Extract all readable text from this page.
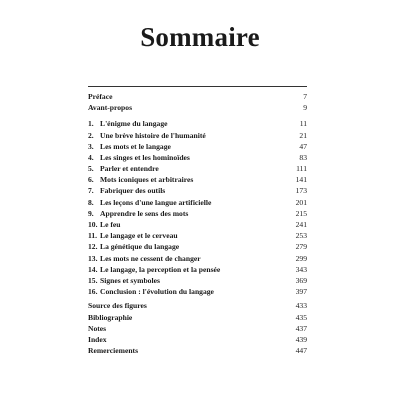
Sommaire
Préface	7
Avant-propos	9
1. L'énigme du langage	11
2. Une brève histoire de l'humanité	21
3. Les mots et le langage	47
4. Les singes et les hominoïdes	83
5. Parler et entendre	111
6. Mots iconiques et arbitraires	141
7. Fabriquer des outils	173
8. Les leçons d'une langue artificielle	201
9. Apprendre le sens des mots	215
10. Le feu	241
11. Le langage et le cerveau	253
12. La génétique du langage	279
13. Les mots ne cessent de changer	299
14. Le langage, la perception et la pensée	343
15. Signes et symboles	369
16. Conclusion : l'évolution du langage	397
Source des figures	433
Bibliographie	435
Notes	437
Index	439
Remerciements	447
